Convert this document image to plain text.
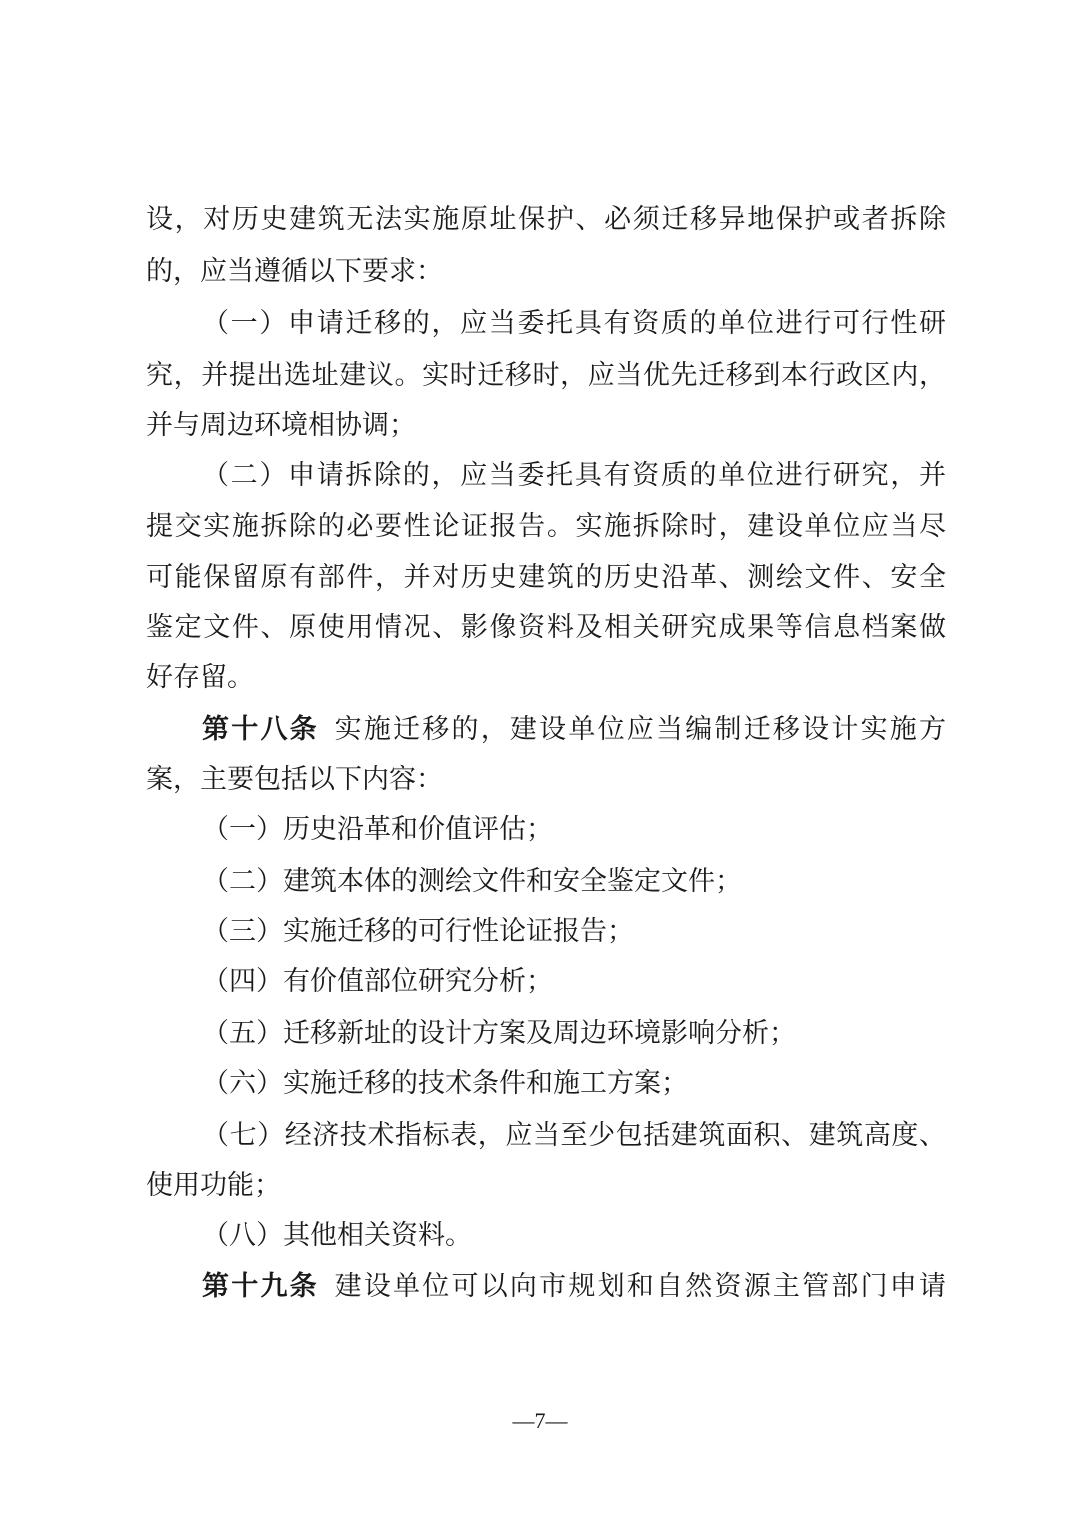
设，对历史建筑无法实施原址保护、必须迁移异地保护或者拆除
的，应当遵循以下要求：
（一）申请迁移的，应当委托具有资质的单位进行可行性研
究，并提出选址建议。实时迁移时，应当优先迁移到本行政区内，
并与周边环境相协调；
（二）申请拆除的，应当委托具有资质的单位进行研究，并
提交实施拆除的必要性论证报告。实施拆除时，建设单位应当尽
可能保留原有部件，并对历史建筑的历史沿革、测绘文件、安全
鉴定文件、原使用情况、影像资料及相关研究成果等信息档案做
好存留。
第十八条   实施迁移的，建设单位应当编制迁移设计实施方
案，主要包括以下内容：
（一）历史沿革和价值评估；
（二）建筑本体的测绘文件和安全鉴定文件；
（三）实施迁移的可行性论证报告；
（四）有价值部位研究分析；
（五）迁移新址的设计方案及周边环境影响分析；
（六）实施迁移的技术条件和施工方案；
（七）经济技术指标表，应当至少包括建筑面积、建筑高度、
使用功能；
（八）其他相关资料。
第十九条   建设单位可以向市规划和自然资源主管部门申请
—7—
